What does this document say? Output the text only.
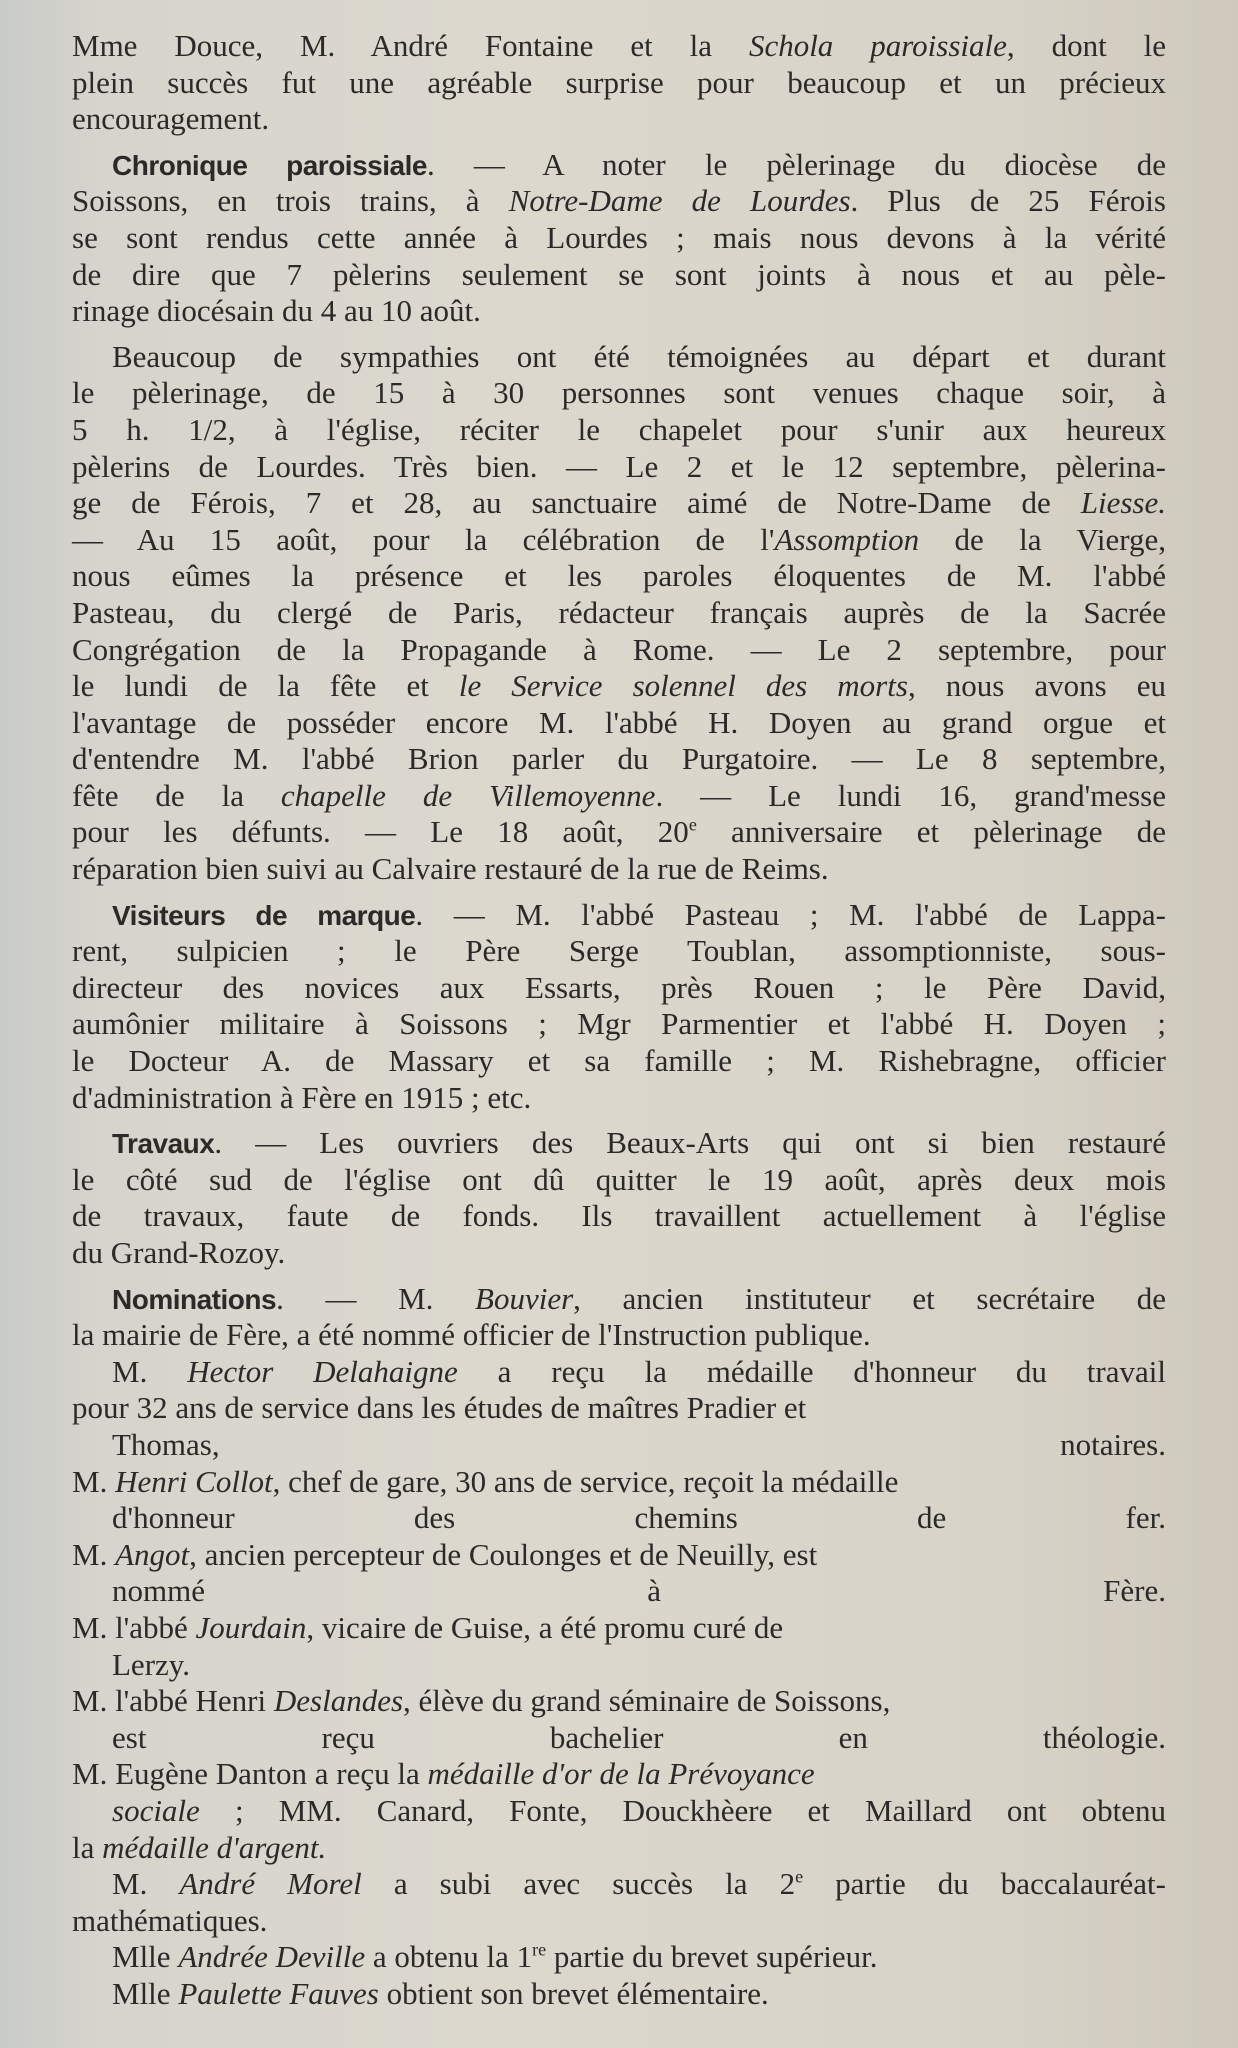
Mme Douce, M. André Fontaine et la Schola paroissiale, dont le
plein succès fut une agréable surprise pour beaucoup et un précieux
encouragement.
Chronique paroissiale. — A noter le pèlerinage du diocèse de
Soissons, en trois trains, à Notre-Dame de Lourdes. Plus de 25 Férois
se sont rendus cette année à Lourdes ; mais nous devons à la vérité
de dire que 7 pèlerins seulement se sont joints à nous et au pèle-
rinage diocésain du 4 au 10 août.
Beaucoup de sympathies ont été témoignées au départ et durant
le pèlerinage, de 15 à 30 personnes sont venues chaque soir, à
5 h. 1/2, à l'église, réciter le chapelet pour s'unir aux heureux
pèlerins de Lourdes. Très bien. — Le 2 et le 12 septembre, pèlerina-
ge de Férois, 7 et 28, au sanctuaire aimé de Notre-Dame de Liesse.
— Au 15 août, pour la célébration de l'Assomption de la Vierge,
nous eûmes la présence et les paroles éloquentes de M. l'abbé
Pasteau, du clergé de Paris, rédacteur français auprès de la Sacrée
Congrégation de la Propagande à Rome. — Le 2 septembre, pour
le lundi de la fête et le Service solennel des morts, nous avons eu
l'avantage de posséder encore M. l'abbé H. Doyen au grand orgue et
d'entendre M. l'abbé Brion parler du Purgatoire. — Le 8 septembre,
fête de la chapelle de Villemoyenne. — Le lundi 16, grand'messe
pour les défunts. — Le 18 août, 20e anniversaire et pèlerinage de
réparation bien suivi au Calvaire restauré de la rue de Reims.
Visiteurs de marque. — M. l'abbé Pasteau ; M. l'abbé de Lappa-
rent, sulpicien ; le Père Serge Toublan, assomptionniste, sous-
directeur des novices aux Essarts, près Rouen ; le Père David,
aumônier militaire à Soissons ; Mgr Parmentier et l'abbé H. Doyen ;
le Docteur A. de Massary et sa famille ; M. Rishebragne, officier
d'administration à Fère en 1915 ; etc.
Travaux. — Les ouvriers des Beaux-Arts qui ont si bien restauré
le côté sud de l'église ont dû quitter le 19 août, après deux mois
de travaux, faute de fonds. Ils travaillent actuellement à l'église
du Grand-Rozoy.
Nominations. — M. Bouvier, ancien instituteur et secrétaire de
la mairie de Fère, a été nommé officier de l'Instruction publique.
M. Hector Delahaigne a reçu la médaille d'honneur du travail
pour 32 ans de service dans les études de maîtres Pradier et
Thomas, notaires.
M. Henri Collot, chef de gare, 30 ans de service, reçoit la médaille
d'honneur des chemins de fer.
M. Angot, ancien percepteur de Coulonges et de Neuilly, est
nommé à Fère.
M. l'abbé Jourdain, vicaire de Guise, a été promu curé de
Lerzy.
M. l'abbé Henri Deslandes, élève du grand séminaire de Soissons,
est reçu bachelier en théologie.
M. Eugène Danton a reçu la médaille d'or de la Prévoyance
sociale ; MM. Canard, Fonte, Douckhèere et Maillard ont obtenu
la médaille d'argent.
M. André Morel a subi avec succès la 2e partie du baccalauréat-
mathématiques.
Mlle Andrée Deville a obtenu la 1re partie du brevet supérieur.
Mlle Paulette Fauves obtient son brevet élémentaire.
